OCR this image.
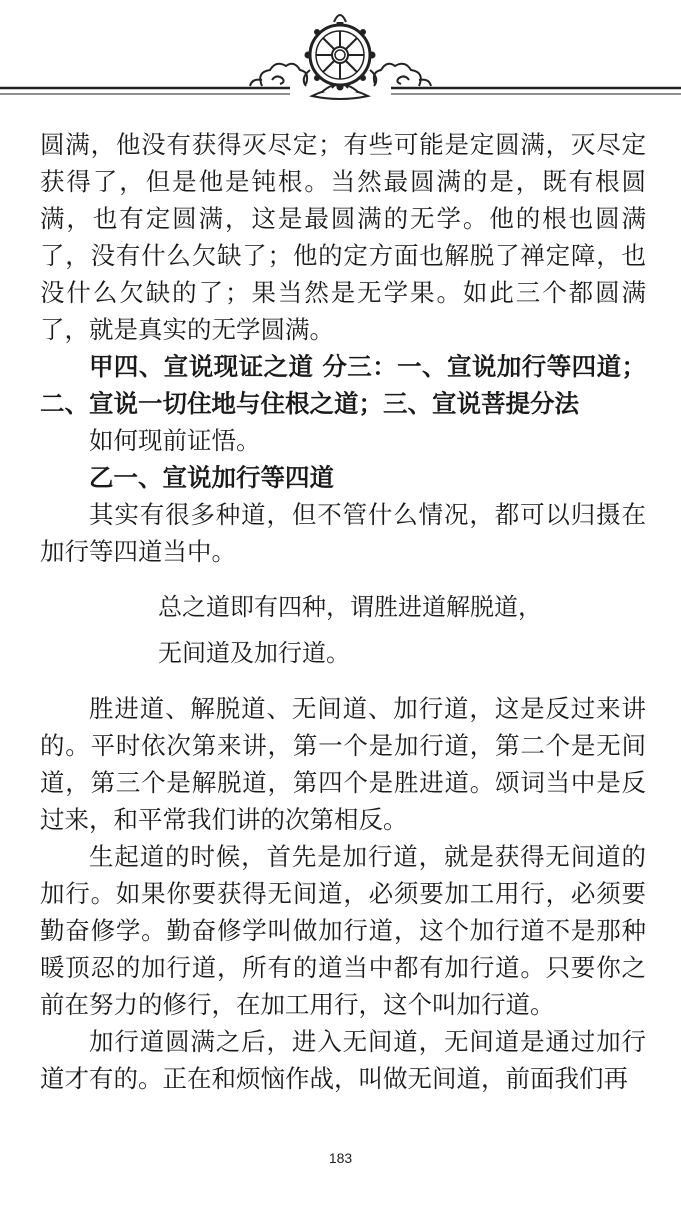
圆满，他没有获得灭尽定；有些可能是定圆满，灭尽定获得了，但是他是钝根。当然最圆满的是，既有根圆满，也有定圆满，这是最圆满的无学。他的根也圆满了，没有什么欠缺了；他的定方面也解脱了禅定障，也没什么欠缺的了；果当然是无学果。如此三个都圆满了，就是真实的无学圆满。

甲四、宣说现证之道 分三：一、宣说加行等四道；二、宣说一切住地与住根之道；三、宣说菩提分法

如何现前证悟。

乙一、宣说加行等四道

其实有很多种道，但不管什么情况，都可以归摄在加行等四道当中。

总之道即有四种，谓胜进道解脱道，

无间道及加行道。

胜进道、解脱道、无间道、加行道，这是反过来讲的。平时依次第来讲，第一个是加行道，第二个是无间道，第三个是解脱道，第四个是胜进道。颂词当中是反过来，和平常我们讲的次第相反。

生起道的时候，首先是加行道，就是获得无间道的加行。如果你要获得无间道，必须要加工用行，必须要勤奋修学。勤奋修学叫做加行道，这个加行道不是那种暖顶忍的加行道，所有的道当中都有加行道。只要你之前在努力的修行，在加工用行，这个叫加行道。

加行道圆满之后，进入无间道，无间道是通过加行道才有的。正在和烦恼作战，叫做无间道，前面我们再

183
